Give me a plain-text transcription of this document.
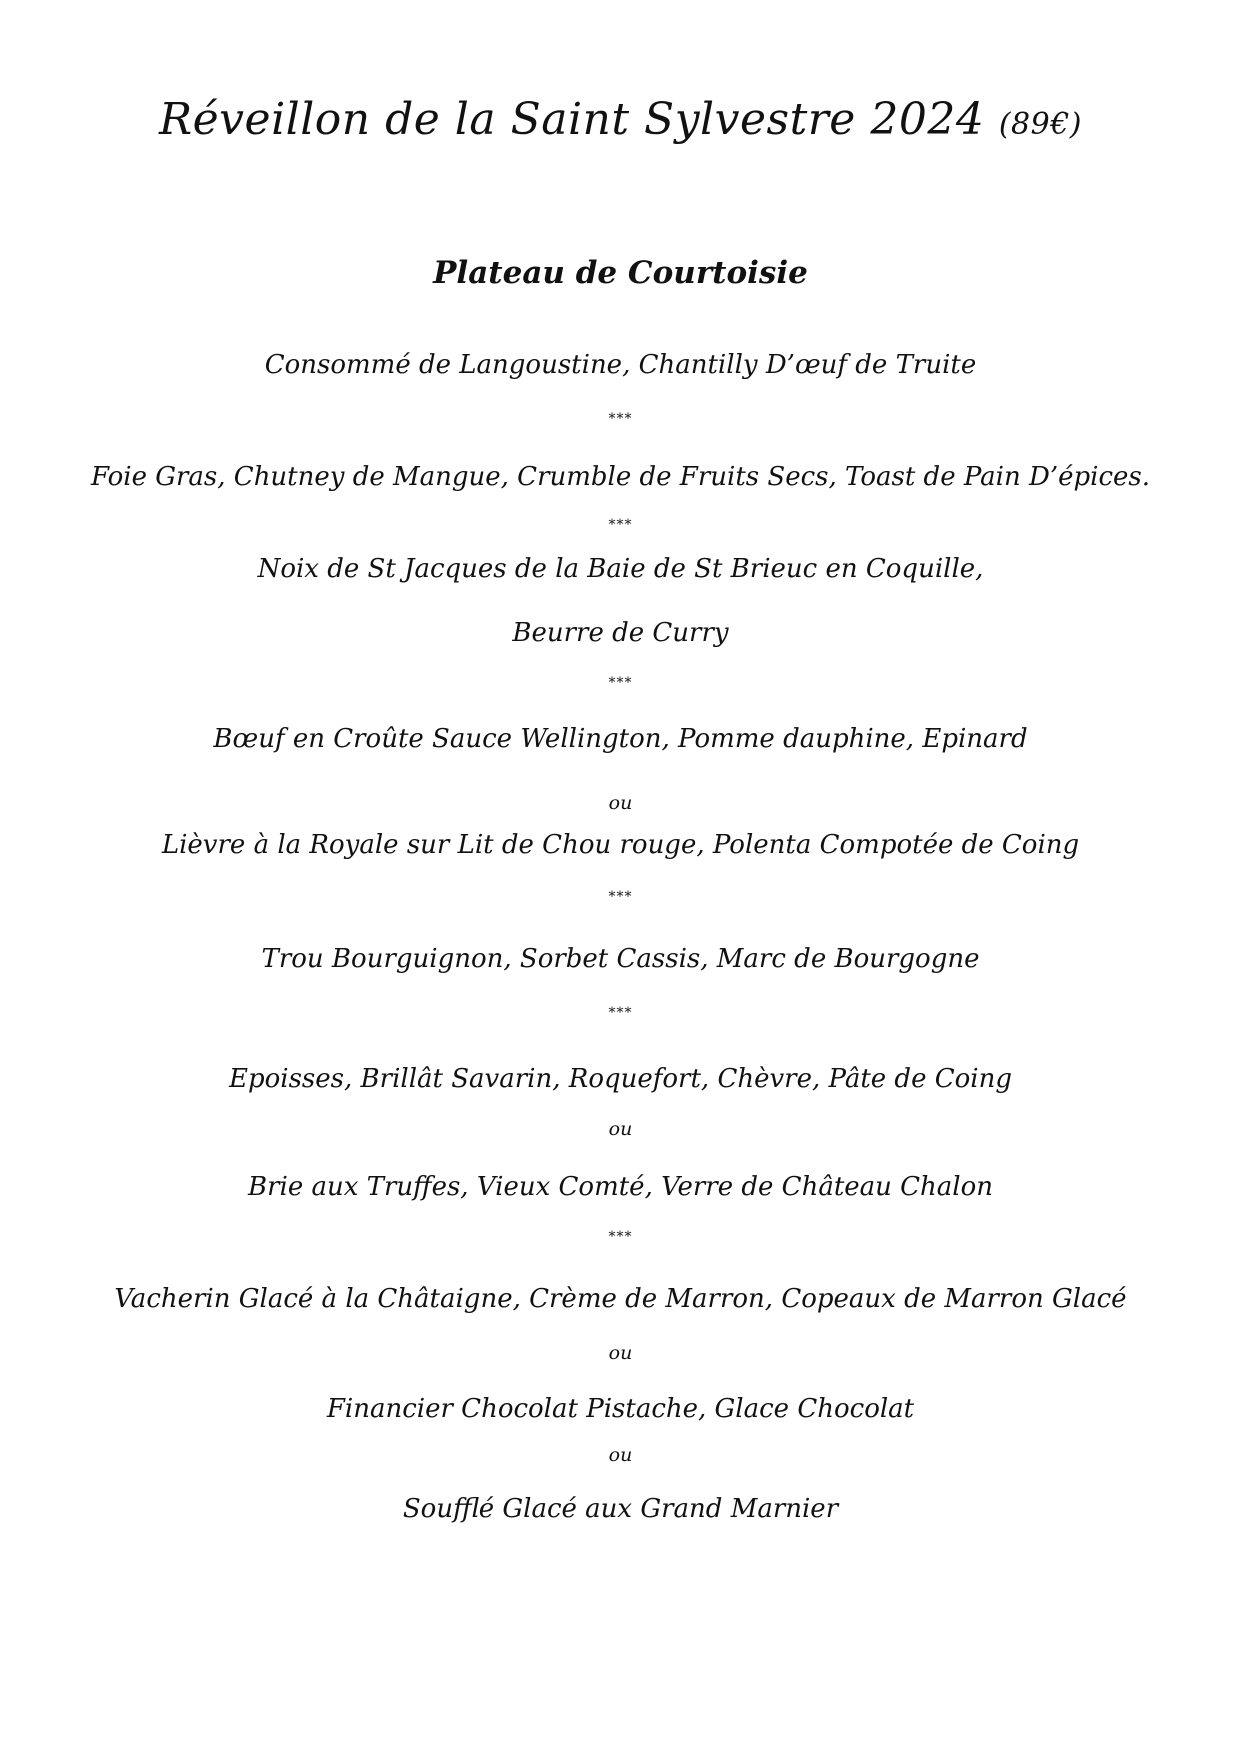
Réveillon de la Saint Sylvestre 2024 (89€)
Plateau de Courtoisie
Consommé de Langoustine, Chantilly D’œuf de Truite
***
Foie Gras, Chutney de Mangue, Crumble de Fruits Secs, Toast de Pain D’épices.
***
Noix de St Jacques de la Baie de St Brieuc en Coquille,
Beurre de Curry
***
Bœuf en Croûte Sauce Wellington, Pomme dauphine, Epinard
ou
Lièvre à la Royale sur Lit de Chou rouge, Polenta Compotée de Coing
***
Trou Bourguignon, Sorbet Cassis, Marc de Bourgogne
***
Epoisses, Brillât Savarin, Roquefort, Chèvre, Pâte de Coing
ou
Brie aux Truffes, Vieux Comté, Verre de Château Chalon
***
Vacherin Glacé à la Châtaigne, Crème de Marron, Copeaux de Marron Glacé
ou
Financier Chocolat Pistache, Glace Chocolat
ou
Soufflé Glacé aux Grand Marnier
